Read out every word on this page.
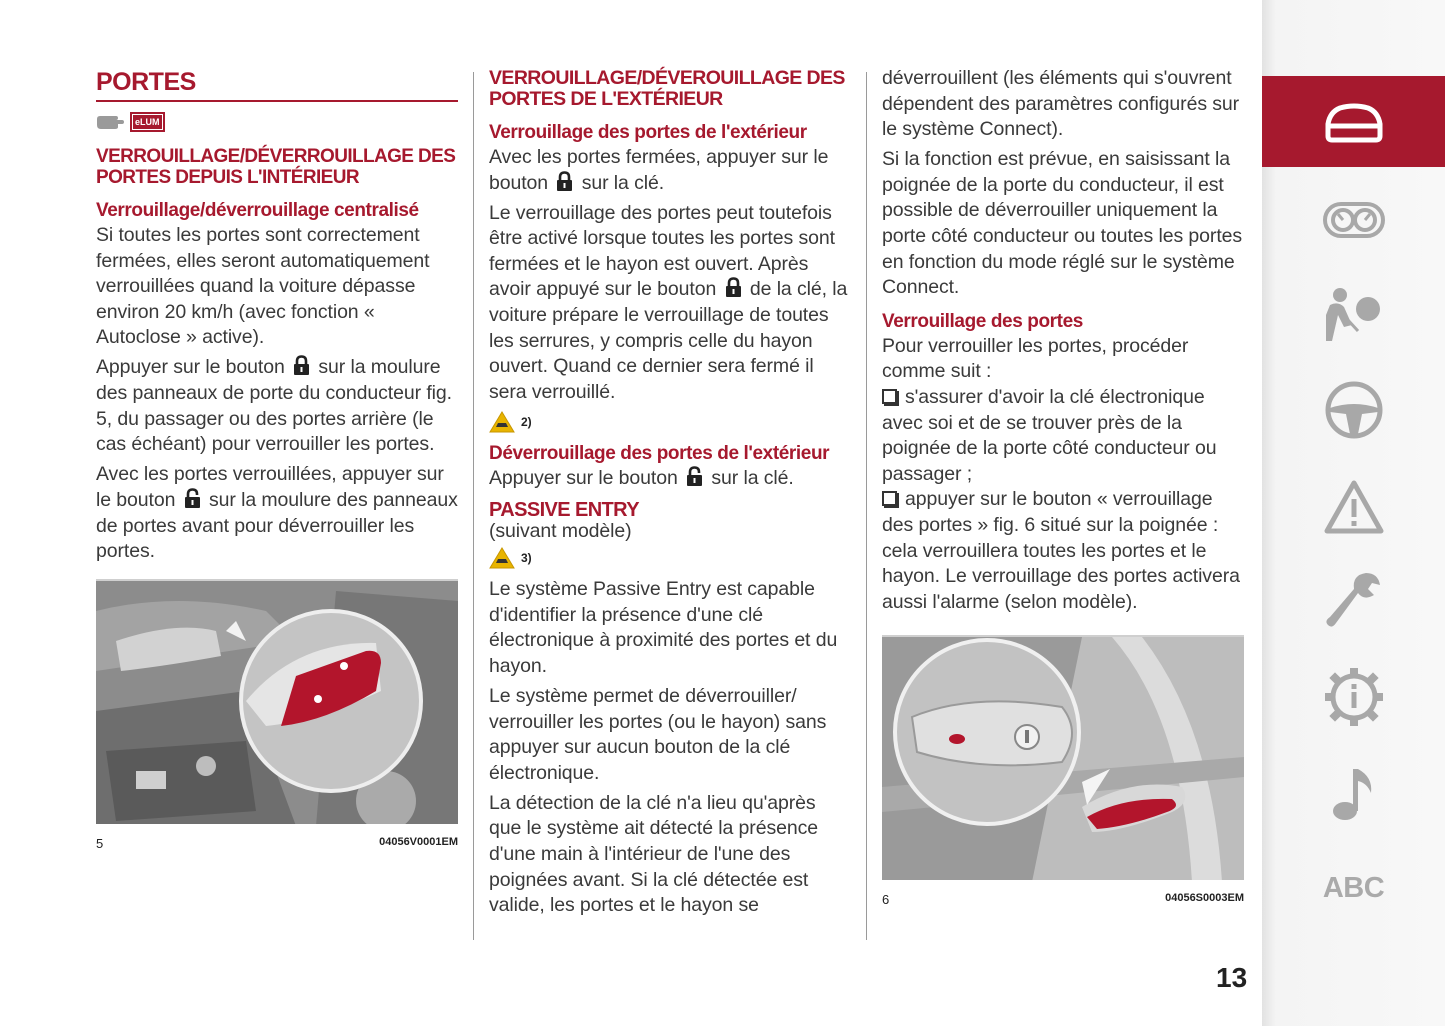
PORTES
eLUM
VERROUILLAGE/DÉVERROUILLAGE DES PORTES DEPUIS L'INTÉRIEUR
Verrouillage/déverrouillage centralisé

Si toutes les portes sont correctement fermées, elles seront automatiquement verrouillées quand la voiture dépasse environ 20 km/h (avec fonction « Autoclose » active).

Appuyer sur le bouton sur la moulure des panneaux de porte du conducteur fig. 5, du passager ou des portes arrière (le cas échéant) pour verrouiller les portes.

Avec les portes verrouillées, appuyer sur le bouton sur la moulure des panneaux de portes avant pour déverrouiller les portes.

5	04056V0001EM
VERROUILLAGE/DÉVEROUILLAGE DES PORTES DE L'EXTÉRIEUR
Verrouillage des portes de l'extérieur

Avec les portes fermées, appuyer sur le bouton sur la clé.

Le verrouillage des portes peut toutefois être activé lorsque toutes les portes sont fermées et le hayon est ouvert. Après avoir appuyé sur le bouton de la clé, la voiture prépare le verrouillage de toutes les serrures, y compris celle du hayon ouvert. Quand ce dernier sera fermé il sera verrouillé.

2)
Déverrouillage des portes de l'extérieur

Appuyer sur le bouton sur la clé.

PASSIVE ENTRY

(suivant modèle)

3)

Le système Passive Entry est capable d'identifier la présence d'une clé électronique à proximité des portes et du hayon.

Le système permet de déverrouiller/ verrouiller les portes (ou le hayon) sans appuyer sur aucun bouton de la clé électronique.

La détection de la clé n'a lieu qu'après que le système ait détecté la présence d'une main à l'intérieur de l'une des poignées avant. Si la clé détectée est valide, les portes et le hayon se

déverrouillent (les éléments qui s'ouvrent dépendent des paramètres configurés sur le système Connect).

Si la fonction est prévue, en saisissant la poignée de la porte du conducteur, il est possible de déverrouiller uniquement la porte côté conducteur ou toutes les portes en fonction du mode réglé sur le système Connect.

Verrouillage des portes

Pour verrouiller les portes, procéder comme suit :

s'assurer d'avoir la clé électronique avec soi et de se trouver près de la poignée de la porte côté conducteur ou passager ;

appuyer sur le bouton « verrouillage des portes » fig. 6 situé sur la poignée : cela verrouillera toutes les portes et le hayon. Le verrouillage des portes activera aussi l'alarme (selon modèle).

6	04056S0003EM
13
ABC
